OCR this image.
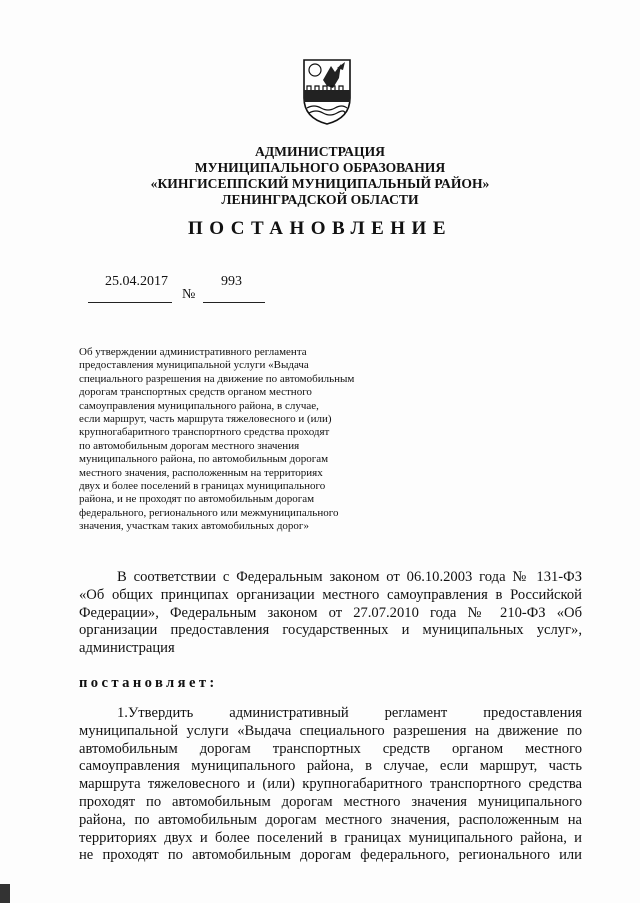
АДМИНИСТРАЦИЯ
МУНИЦИПАЛЬНОГО ОБРАЗОВАНИЯ
«КИНГИСЕППСКИЙ МУНИЦИПАЛЬНЫЙ РАЙОН»
ЛЕНИНГРАДСКОЙ ОБЛАСТИ
ПОСТАНОВЛЕНИЕ
25.04.2017
№
993
Об утверждении административного регламента
предоставления муниципальной услуги «Выдача
специального разрешения на движение по автомобильным
дорогам транспортных средств органом местного
самоуправления муниципального района, в случае,
если маршрут, часть маршрута тяжеловесного и (или)
крупногабаритного транспортного средства проходят
по автомобильным дорогам местного значения
муниципального района, по автомобильным дорогам
местного значения, расположенным на территориях
двух и более поселений в границах муниципального
района, и не проходят по автомобильным дорогам
федерального, регионального или межмуниципального
значения, участкам таких автомобильных дорог»
В соответствии с Федеральным законом от 06.10.2003 года № 131-ФЗ
«Об общих принципах организации местного самоуправления в Российской
Федерации», Федеральным законом от 27.07.2010 года № 210-ФЗ «Об
организации предоставления государственных и муниципальных услуг»,
администрация
постановляет:
1.Утвердить административный регламент предоставления
муниципальной услуги «Выдача специального разрешения на движение по
автомобильным дорогам транспортных средств органом местного
самоуправления муниципального района, в случае, если маршрут, часть
маршрута тяжеловесного и (или) крупногабаритного транспортного средства
проходят по автомобильным дорогам местного значения муниципального
района, по автомобильным дорогам местного значения, расположенным на
территориях двух и более поселений в границах муниципального района, и
не проходят по автомобильным дорогам федерального, регионального или
